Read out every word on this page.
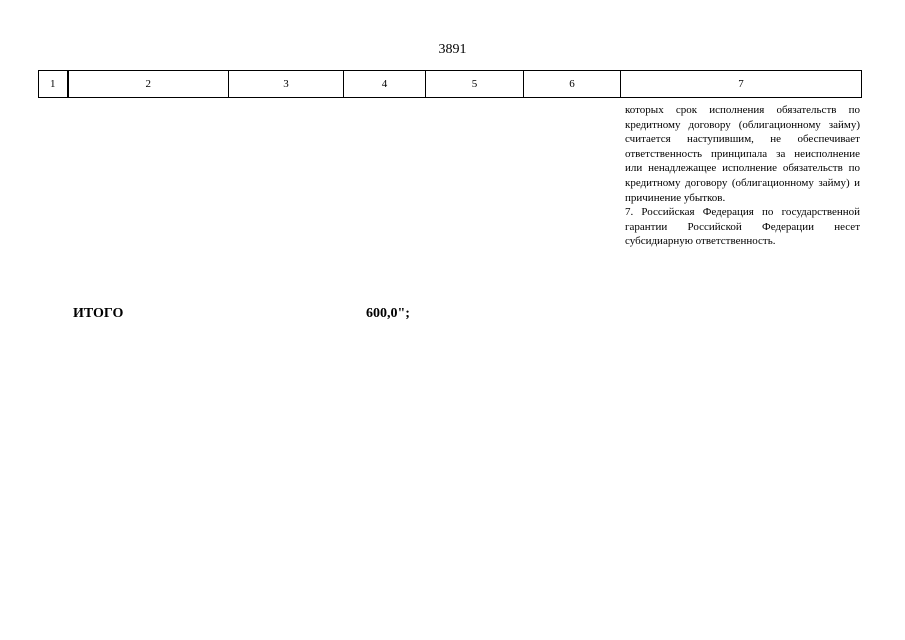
3891
1	2	3	4	5	6	7

которых срок исполнения обязательств по кредитному договору (облигационному займу) считается наступившим, не обеспечивает ответственность принципала за неисполнение или ненадлежащее исполнение обязательств по кредитному договору (облигационному займу) и причинение убытков.

7. Российская Федерация по государственной гарантии Российской Федерации несет субсидиарную ответственность.

ИТОГО	600,0";
